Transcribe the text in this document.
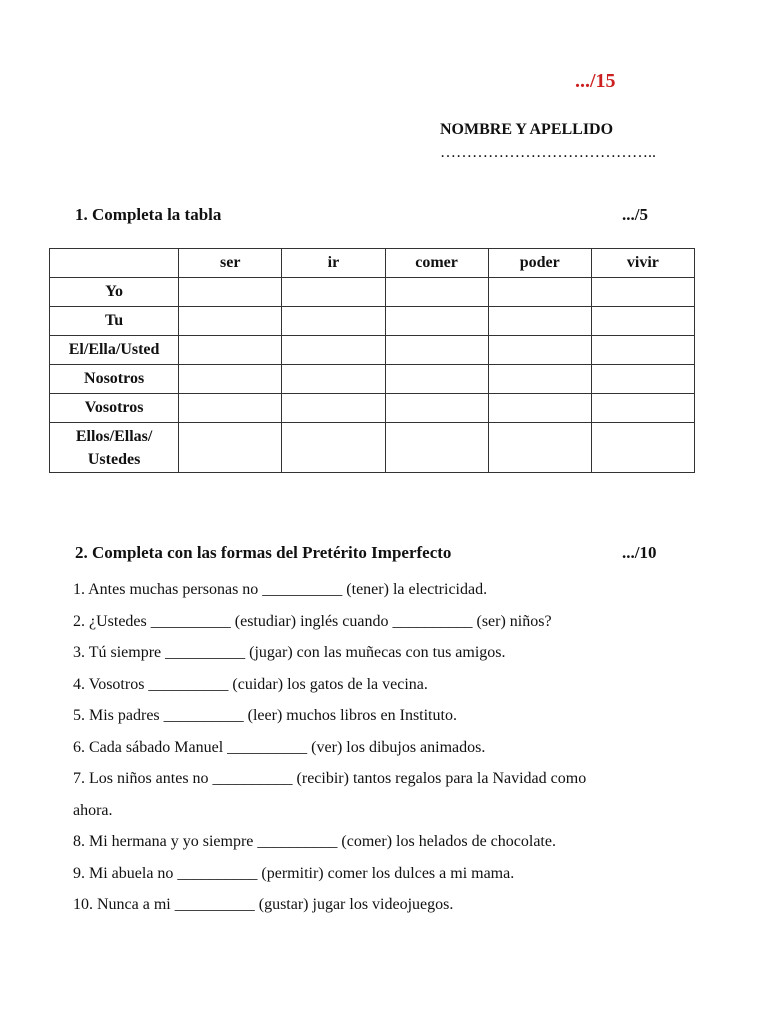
.../15
NOMBRE Y APELLIDO
…………………………………..
1. Completa la tabla	.../5
	ser	ir	comer	poder	vivir
Yo					
Tu					
El/Ella/Usted					
Nosotros					
Vosotros					

Ellos/Ellas/
Ustedes					

2. Completa con las formas del Pretérito Imperfecto	.../10
1. Antes muchas personas no __________ (tener) la electricidad.
2. ¿Ustedes __________ (estudiar) inglés cuando __________ (ser) niños?
3. Tú siempre __________ (jugar) con las muñecas con tus amigos.
4. Vosotros __________ (cuidar) los gatos de la vecina.
5. Mis padres __________ (leer) muchos libros en Instituto.
6. Cada sábado Manuel __________ (ver) los dibujos animados.
7. Los niños antes no __________ (recibir) tantos regalos para la Navidad como
ahora.
8. Mi hermana y yo siempre __________ (comer) los helados de chocolate.
9. Mi abuela no __________ (permitir) comer los dulces a mi mama.
10. Nunca a mi __________ (gustar) jugar los videojuegos.
